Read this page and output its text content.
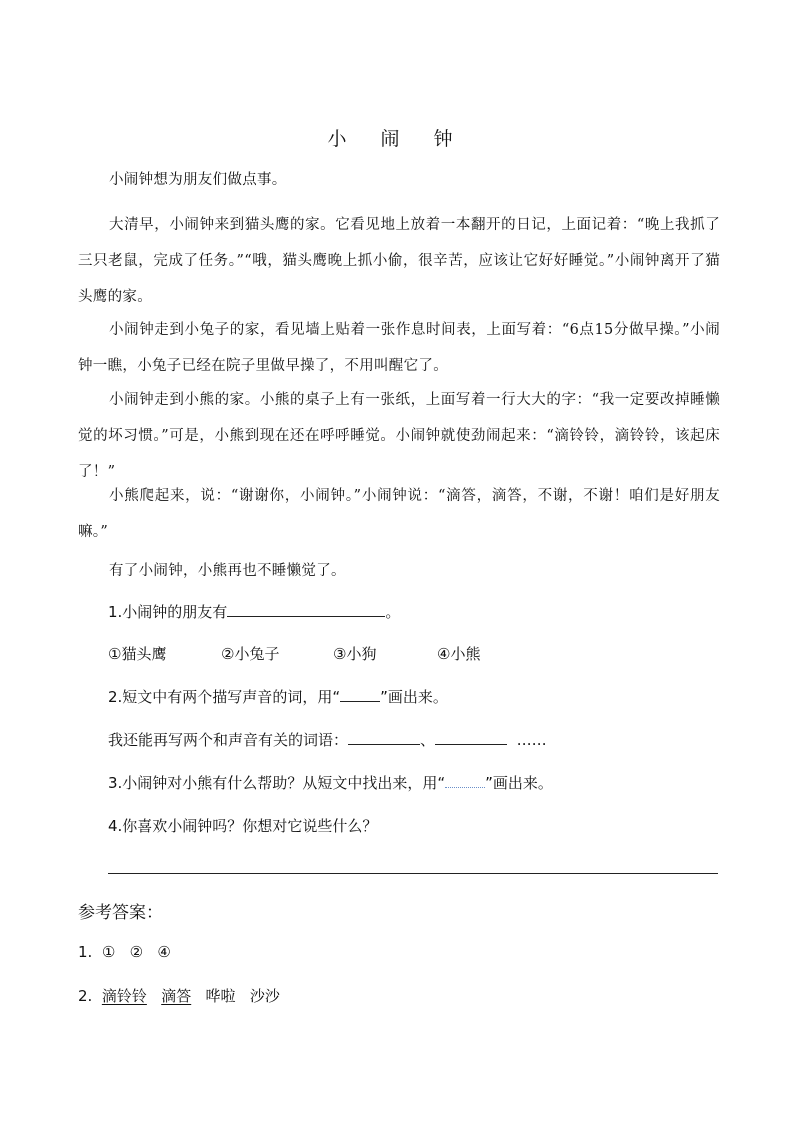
小 闹 钟
小闹钟想为朋友们做点事。
大清早，小闹钟来到猫头鹰的家。它看见地上放着一本翻开的日记，上面记着：“晚上我抓了三只老鼠，完成了任务。”“哦，猫头鹰晚上抓小偷，很辛苦，应该让它好好睡觉。”小闹钟离开了猫头鹰的家。
小闹钟走到小兔子的家，看见墙上贴着一张作息时间表，上面写着：“6点15分做早操。”小闹钟一瞧，小兔子已经在院子里做早操了，不用叫醒它了。
小闹钟走到小熊的家。小熊的桌子上有一张纸，上面写着一行大大的字：“我一定要改掉睡懒觉的坏习惯。”可是，小熊到现在还在呼呼睡觉。小闹钟就使劲闹起来：“滴铃铃，滴铃铃，该起床了！”
小熊爬起来，说：“谢谢你，小闹钟。”小闹钟说：“滴答，滴答，不谢，不谢！咱们是好朋友嘛。”
有了小闹钟，小熊再也不睡懒觉了。
1.小闹钟的朋友有	。
①猫头鹰	②小兔子	③小狗	④小熊
2.短文中有两个描写声音的词，用“	”画出来。
我还能再写两个和声音有关的词语：	、	……
3.小闹钟对小熊有什么帮助？从短文中找出来，用“	”画出来。
4.你喜欢小闹钟吗？你想对它说些什么？
参考答案：
1. ① ② ④
2. 滴铃铃 滴答 哗啦 沙沙
